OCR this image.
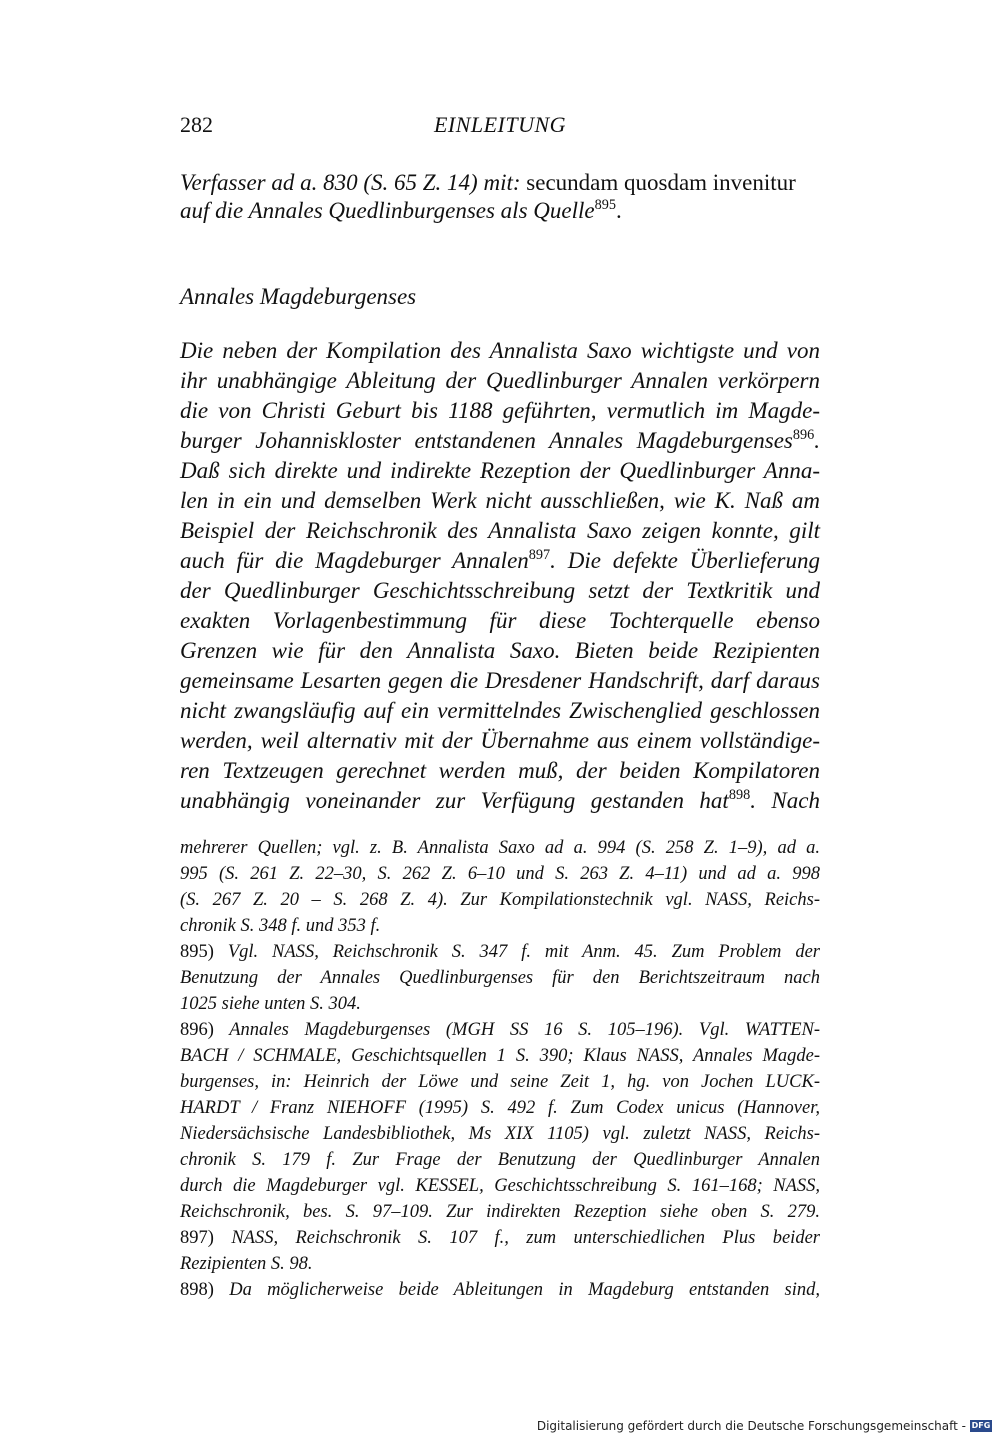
282	EINLEITUNG
Verfasser ad a. 830 (S. 65 Z. 14) mit: secundam quosdam invenitur
auf die Annales Quedlinburgenses als Quelle$^{895}$.
Annales Magdeburgenses
Die neben der Kompilation des Annalista Saxo wichtigste und von
ihr unabhängige Ableitung der Quedlinburger Annalen verkörpern
die von Christi Geburt bis 1188 geführten, vermutlich im Magde-
burger Johanniskloster entstandenen Annales Magdeburgenses$^{896}$.
Daß sich direkte und indirekte Rezeption der Quedlinburger Anna-
len in ein und demselben Werk nicht ausschließen, wie K. Naß am
Beispiel der Reichschronik des Annalista Saxo zeigen konnte, gilt
auch für die Magdeburger Annalen$^{897}$. Die defekte Überlieferung
der Quedlinburger Geschichtsschreibung setzt der Textkritik und
exakten Vorlagenbestimmung für diese Tochterquelle ebenso
Grenzen wie für den Annalista Saxo. Bieten beide Rezipienten
gemeinsame Lesarten gegen die Dresdener Handschrift, darf daraus
nicht zwangsläufig auf ein vermittelndes Zwischenglied geschlossen
werden, weil alternativ mit der Übernahme aus einem vollständige-
ren Textzeugen gerechnet werden muß, der beiden Kompilatoren
unabhängig voneinander zur Verfügung gestanden hat$^{898}$. Nach
mehrerer Quellen; vgl. z. B. Annalista Saxo ad a. 994 (S. 258 Z. 1–9), ad a.
995 (S. 261 Z. 22–30, S. 262 Z. 6–10 und S. 263 Z. 4–11) und ad a. 998
(S. 267 Z. 20 – S. 268 Z. 4). Zur Kompilationstechnik vgl. NASS, Reichs-
chronik S. 348 f. und 353 f.
895) Vgl. NASS, Reichschronik S. 347 f. mit Anm. 45. Zum Problem der
Benutzung der Annales Quedlinburgenses für den Berichtszeitraum nach
1025 siehe unten S. 304.
896) Annales Magdeburgenses (MGH SS 16 S. 105–196). Vgl. WATTEN-
BACH / SCHMALE, Geschichtsquellen 1 S. 390; Klaus NASS, Annales Magde-
burgenses, in: Heinrich der Löwe und seine Zeit 1, hg. von Jochen LUCK-
HARDT / Franz NIEHOFF (1995) S. 492 f. Zum Codex unicus (Hannover,
Niedersächsische Landesbibliothek, Ms XIX 1105) vgl. zuletzt NASS, Reichs-
chronik S. 179 f. Zur Frage der Benutzung der Quedlinburger Annalen
durch die Magdeburger vgl. KESSEL, Geschichtsschreibung S. 161–168; NASS,
Reichschronik, bes. S. 97–109. Zur indirekten Rezeption siehe oben S. 279.
897) NASS, Reichschronik S. 107 f., zum unterschiedlichen Plus beider
Rezipienten S. 98.
898) Da möglicherweise beide Ableitungen in Magdeburg entstanden sind,
Digitalisierung gefördert durch die Deutsche Forschungsgemeinschaft - DFG
